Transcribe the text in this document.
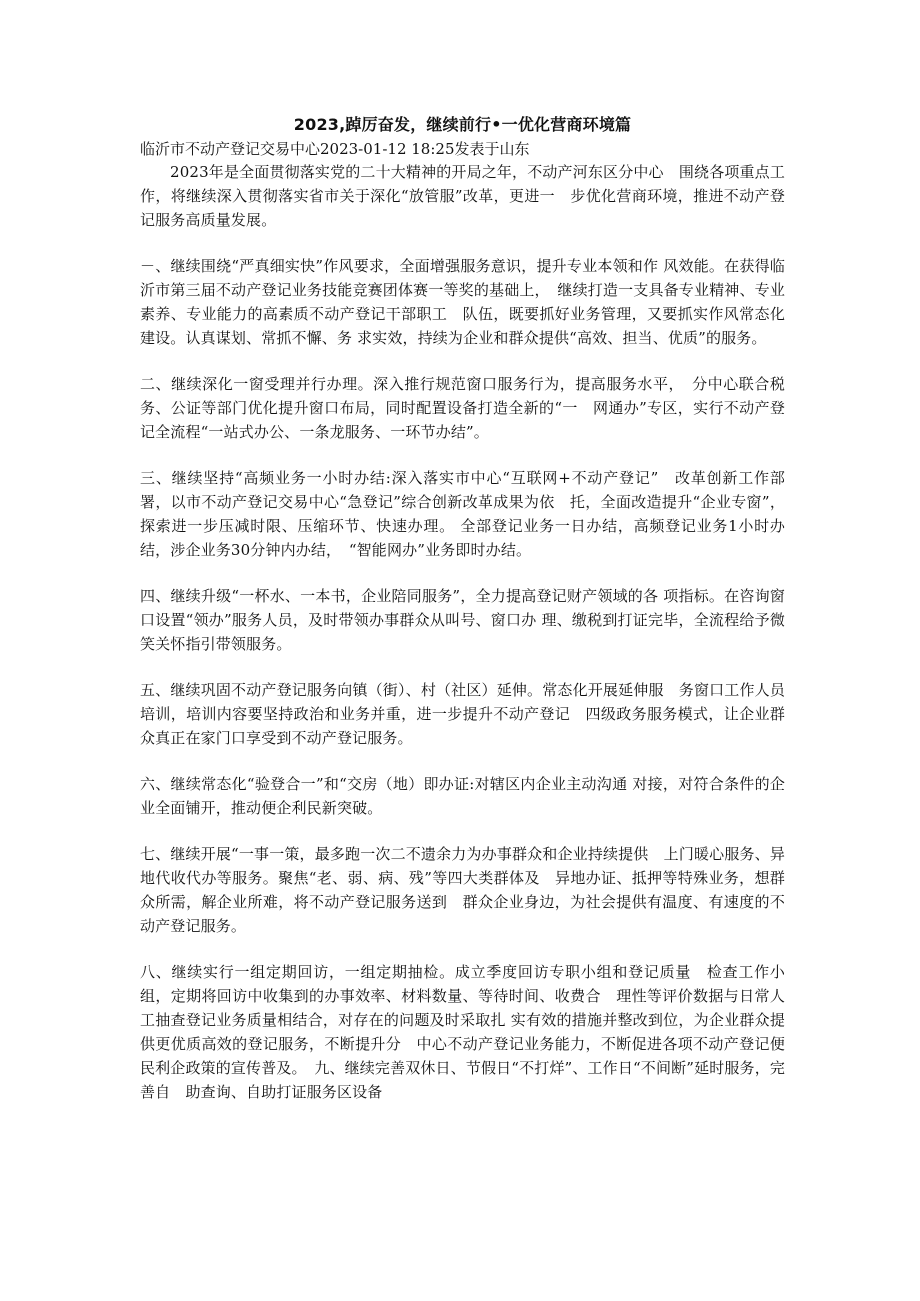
2023,踔厉奋发，继续前行•一优化营商环境篇

临沂市不动产登记交易中心2023-01-12 18:25发表于山东

2023年是全面贯彻落实党的二十大精神的开局之年，不动产河东区分中心　围绕各项重点工作，将继续深入贯彻落实省市关于深化“放管服”改革，更进一　步优化营商环境，推进不动产登记服务高质量发展。

－、继续围绕“严真细实快”作风要求，全面增强服务意识，提升专业本领和作 风效能。在获得临沂市第三届不动产登记业务技能竞赛团体赛一等奖的基础上，　继续打造一支具备专业精神、专业素养、专业能力的高素质不动产登记干部职工　队伍，既要抓好业务管理，又要抓实作风常态化建设。认真谋划、常抓不懈、务 求实效，持续为企业和群众提供“高效、担当、优质”的服务。

二、继续深化一窗受理并行办理。深入推行规范窗口服务行为，提高服务水平，　分中心联合税务、公证等部门优化提升窗口布局，同时配置设备打造全新的“一　网通办”专区，实行不动产登记全流程“一站式办公、一条龙服务、一环节办结”。

三、继续坚持“高频业务一小时办结:深入落实市中心“互联网+不动产登记”　改革创新工作部署，以市不动产登记交易中心“急登记”综合创新改革成果为依　托，全面改造提升“企业专窗”，探索进一步压减时限、压缩环节、快速办理。 全部登记业务一日办结，高频登记业务1小时办结，涉企业务30分钟内办结，　“智能网办”业务即时办结。

四、继续升级“一杯水、一本书，企业陪同服务”，全力提高登记财产领域的各 项指标。在咨询窗口设置“领办”服务人员，及时带领办事群众从叫号、窗口办 理、缴税到打证完毕，全流程给予微笑关怀指引带领服务。

五、继续巩固不动产登记服务向镇（街）、村（社区）延伸。常态化开展延伸服　务窗口工作人员培训，培训内容要坚持政治和业务并重，进一步提升不动产登记　四级政务服务模式，让企业群众真正在家门口享受到不动产登记服务。

六、继续常态化“验登合一”和“交房（地）即办证:对辖区内企业主动沟通 对接，对符合条件的企业全面铺开，推动便企利民新突破。

七、继续开展“一事一策，最多跑一次二不遗余力为办事群众和企业持续提供　上门暖心服务、异地代收代办等服务。聚焦“老、弱、病、残”等四大类群体及　异地办证、抵押等特殊业务，想群众所需，解企业所难，将不动产登记服务送到　群众企业身边，为社会提供有温度、有速度的不动产登记服务。

八、继续实行一组定期回访，一组定期抽检。成立季度回访专职小组和登记质量　检查工作小组，定期将回访中收集到的办事效率、材料数量、等待时间、收费合　理性等评价数据与日常人工抽查登记业务质量相结合，对存在的问题及时采取扎 实有效的措施并整改到位，为企业群众提供更优质高效的登记服务，不断提升分　中心不动产登记业务能力，不断促进各项不动产登记便民利企政策的宣传普及。　九、继续完善双休日、节假日“不打烊”、工作日“不间断”延时服务，完善自　助查询、自助打证服务区设备
